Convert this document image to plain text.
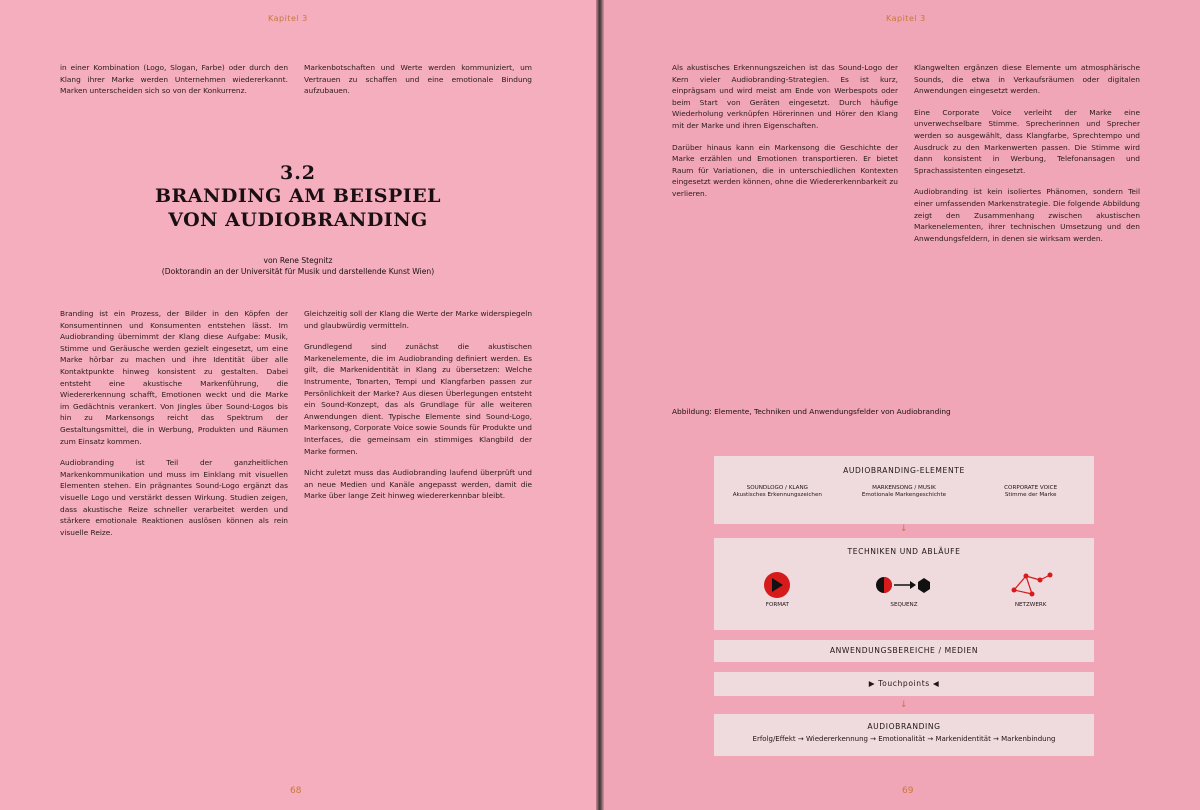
Kapitel 3

in einer Kombination (Logo, Slogan, Farbe) oder durch den Klang ihrer Marke werden Unternehmen wiedererkannt. Marken unterscheiden sich so von der Konkurrenz.

Markenbotschaften und Werte werden kommuniziert, um Vertrauen zu schaffen und eine emotionale Bindung aufzubauen.

3.2
BRANDING AM BEISPIEL
VON AUDIOBRANDING
von Rene Stegnitz
(Doktorandin an der Universität für Musik und darstellende Kunst Wien)

Branding ist ein Prozess, der Bilder in den Köpfen der Konsumentinnen und Konsumenten entstehen lässt. Im Audiobranding übernimmt der Klang diese Aufgabe: Musik, Stimme und Geräusche werden gezielt eingesetzt, um eine Marke hörbar zu machen und ihre Identität über alle Kontaktpunkte hinweg konsistent zu gestalten. Dabei entsteht eine akustische Markenführung, die Wiedererkennung schafft, Emotionen weckt und die Marke im Gedächtnis verankert. Von Jingles über Sound-Logos bis hin zu Markensongs reicht das Spektrum der Gestaltungsmittel, die in Werbung, Produkten und Räumen zum Einsatz kommen.

Audiobranding ist Teil der ganzheitlichen Markenkommunikation und muss im Einklang mit visuellen Elementen stehen. Ein prägnantes Sound-Logo ergänzt das visuelle Logo und verstärkt dessen Wirkung. Studien zeigen, dass akustische Reize schneller verarbeitet werden und stärkere emotionale Reaktionen auslösen können als rein visuelle Reize.

Gleichzeitig soll der Klang die Werte der Marke widerspiegeln und glaubwürdig vermitteln.

Grundlegend sind zunächst die akustischen Markenelemente, die im Audiobranding definiert werden. Es gilt, die Markenidentität in Klang zu übersetzen: Welche Instrumente, Tonarten, Tempi und Klangfarben passen zur Persönlichkeit der Marke? Aus diesen Überlegungen entsteht ein Sound-Konzept, das als Grundlage für alle weiteren Anwendungen dient. Typische Elemente sind Sound-Logo, Markensong, Corporate Voice sowie Sounds für Produkte und Interfaces, die gemeinsam ein stimmiges Klangbild der Marke formen.

Nicht zuletzt muss das Audiobranding laufend überprüft und an neue Medien und Kanäle angepasst werden, damit die Marke über lange Zeit hinweg wiedererkennbar bleibt.

68
Kapitel 3

Als akustisches Erkennungszeichen ist das Sound-Logo der Kern vieler Audiobranding-Strategien. Es ist kurz, einprägsam und wird meist am Ende von Werbespots oder beim Start von Geräten eingesetzt. Durch häufige Wiederholung verknüpfen Hörerinnen und Hörer den Klang mit der Marke und ihren Eigenschaften.

Darüber hinaus kann ein Markensong die Geschichte der Marke erzählen und Emotionen transportieren. Er bietet Raum für Variationen, die in unterschiedlichen Kontexten eingesetzt werden können, ohne die Wiedererkennbarkeit zu verlieren.

Klangwelten ergänzen diese Elemente um atmosphärische Sounds, die etwa in Verkaufsräumen oder digitalen Anwendungen eingesetzt werden.

Eine Corporate Voice verleiht der Marke eine unverwechselbare Stimme. Sprecherinnen und Sprecher werden so ausgewählt, dass Klangfarbe, Sprechtempo und Ausdruck zu den Markenwerten passen. Die Stimme wird dann konsistent in Werbung, Telefonansagen und Sprachassistenten eingesetzt.

Audiobranding ist kein isoliertes Phänomen, sondern Teil einer umfassenden Markenstrategie. Die folgende Abbildung zeigt den Zusammenhang zwischen akustischen Markenelementen, ihrer technischen Umsetzung und den Anwendungsfeldern, in denen sie wirksam werden.

Abbildung: Elemente, Techniken und Anwendungsfelder von Audiobranding
AUDIOBRANDING-ELEMENTE
SOUNDLOGO / KLANG
Akustisches Erkennungszeichen
MARKENSONG / MUSIK
Emotionale Markengeschichte
CORPORATE VOICE
Stimme der Marke
↓
TECHNIKEN UND ABLÄUFE
FORMAT	SEQUENZ	NETZWERK
ANWENDUNGSBEREICHE / MEDIEN
▶ Touchpoints ◀
↓
AUDIOBRANDING
Erfolg/Effekt → Wiedererkennung → Emotionalität → Markenidentität → Markenbindung
69
